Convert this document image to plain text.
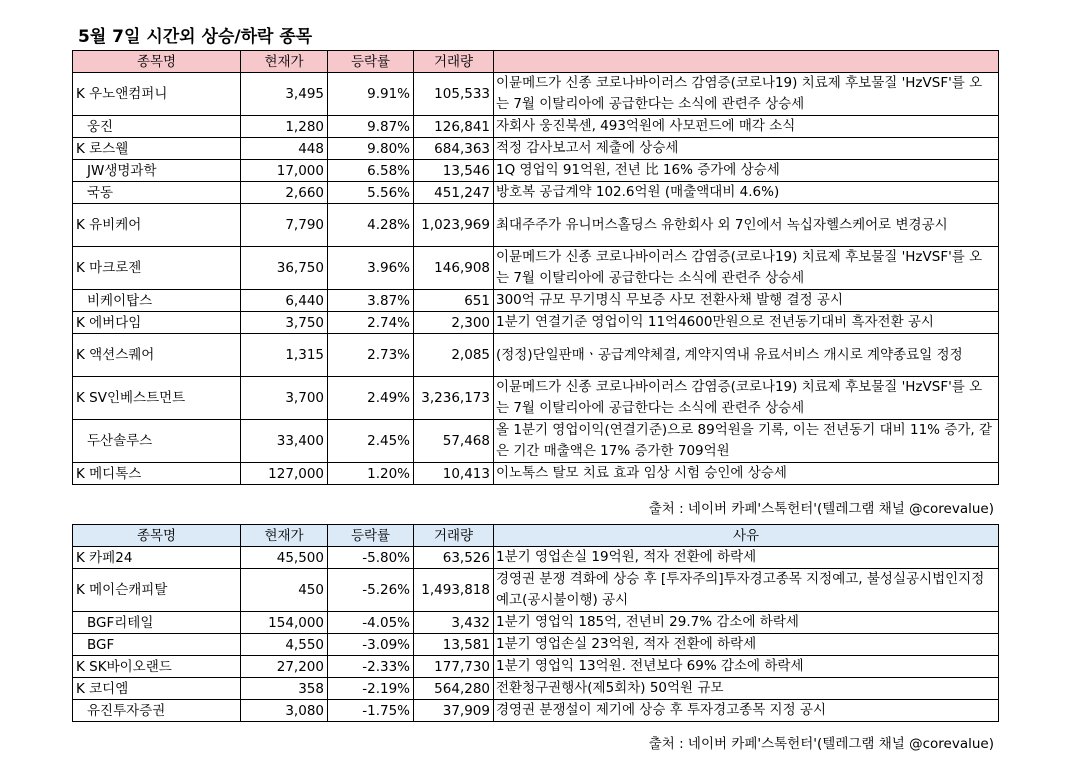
5월 7일 시간외 상승/하락 종목
종목명	현재가	등락률	거래량	
K 우노앤컴퍼니	3,495	9.91%	105,533	이뮨메드가 신종 코로나바이러스 감염증(코로나19) 치료제 후보물질 'HzVSF'를 오는 7월 이탈리아에 공급한다는 소식에 관련주 상승세
웅진	1,280	9.87%	126,841	자회사 웅진북센, 493억원에 사모펀드에 매각 소식
K 로스웰	448	9.80%	684,363	적정 감사보고서 제출에 상승세
JW생명과학	17,000	6.58%	13,546	1Q 영업익 91억원, 전년 比 16% 증가에 상승세
국동	2,660	5.56%	451,247	방호복 공급계약 102.6억원 (매출액대비 4.6%)
K 유비케어	7,790	4.28%	1,023,969	최대주주가 유니머스홀딩스 유한회사 외 7인에서 녹십자헬스케어로 변경공시
K 마크로젠	36,750	3.96%	146,908	이뮨메드가 신종 코로나바이러스 감염증(코로나19) 치료제 후보물질 'HzVSF'를 오는 7월 이탈리아에 공급한다는 소식에 관련주 상승세
비케이탑스	6,440	3.87%	651	300억 규모 무기명식 무보증 사모 전환사채 발행 결정 공시
K 에버다임	3,750	2.74%	2,300	1분기 연결기준 영업이익 11억4600만원으로 전년동기대비 흑자전환 공시
K 액션스퀘어	1,315	2.73%	2,085	(정정)단일판매ㆍ공급계약체결, 계약지역내 유료서비스 개시로 계약종료일 정정
K SV인베스트먼트	3,700	2.49%	3,236,173	이뮨메드가 신종 코로나바이러스 감염증(코로나19) 치료제 후보물질 'HzVSF'를 오는 7월 이탈리아에 공급한다는 소식에 관련주 상승세
두산솔루스	33,400	2.45%	57,468	올 1분기 영업이익(연결기준)으로 89억원을 기록, 이는 전년동기 대비 11% 증가, 같은 기간 매출액은 17% 증가한 709억원
K 메디톡스	127,000	1.20%	10,413	이노톡스 탈모 치료 효과 임상 시험 승인에 상승세
출처 : 네이버 카페'스톡헌터'(텔레그램 채널 @corevalue)
종목명	현재가	등락률	거래량	사유
K 카페24	45,500	-5.80%	63,526	1분기 영업손실 19억원, 적자 전환에 하락세
K 메이슨캐피탈	450	-5.26%	1,493,818	경영권 분쟁 격화에 상승 후 [투자주의]투자경고종목 지정예고, 불성실공시법인지정예고(공시불이행) 공시
BGF리테일	154,000	-4.05%	3,432	1분기 영업익 185억, 전년비 29.7% 감소에 하락세
BGF	4,550	-3.09%	13,581	1분기 영업손실 23억원, 적자 전환에 하락세
K SK바이오랜드	27,200	-2.33%	177,730	1분기 영업익 13억원. 전년보다 69% 감소에 하락세
K 코디엠	358	-2.19%	564,280	전환청구권행사(제5회차) 50억원 규모
유진투자증권	3,080	-1.75%	37,909	경영권 분쟁설이 제기에 상승 후 투자경고종목 지정 공시
출처 : 네이버 카페'스톡헌터'(텔레그램 채널 @corevalue)
